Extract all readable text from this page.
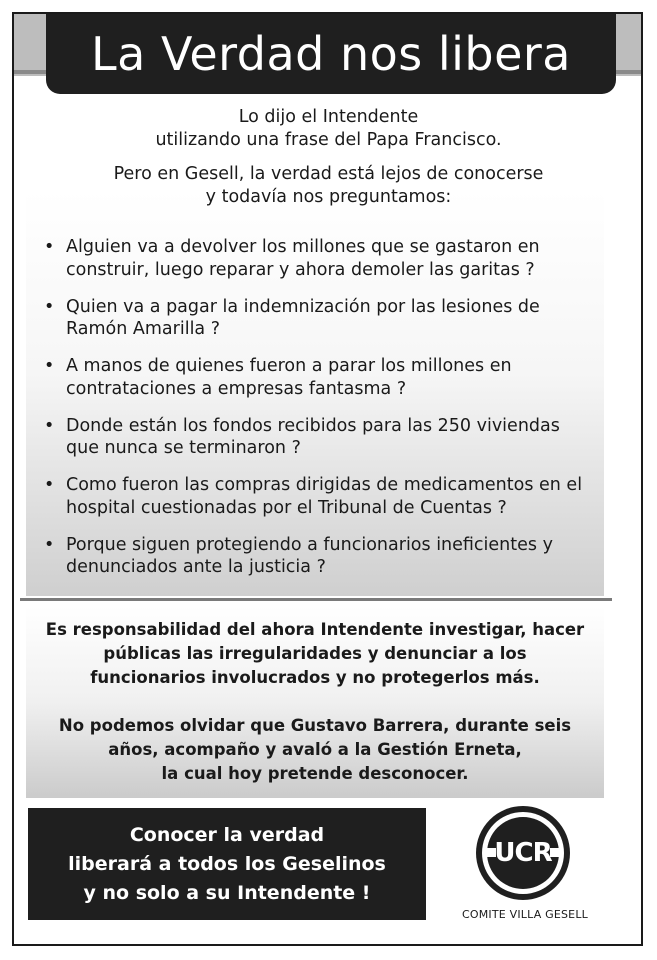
La Verdad nos libera

Lo dijo el Intendente

utilizando una frase del Papa Francisco.

Pero en Gesell, la verdad está lejos de conocerse

y todavía nos preguntamos:

• Alguien va a devolver los millones que se gastaron en construir, luego reparar y ahora demoler las garitas ?
• Quien va a pagar la indemnización por las lesiones de Ramón Amarilla ?
• A manos de quienes fueron a parar los millones en contrataciones a empresas fantasma ?
• Donde están los fondos recibidos para las 250 viviendas que nunca se terminaron ?
• Como fueron las compras dirigidas de medicamentos en el hospital cuestionadas por el Tribunal de Cuentas ?
• Porque siguen protegiendo a funcionarios ineficientes y denunciados ante la justicia ?

Es responsabilidad del ahora Intendente investigar, hacer

públicas las irregularidades y denunciar a los

funcionarios involucrados y no protegerlos más.

No podemos olvidar que Gustavo Barrera, durante seis

años, acompaño y avaló a la Gestión Erneta,

la cual hoy pretende desconocer.

Conocer la verdad

liberará a todos los Geselinos

y no solo a su Intendente !

UCR
COMITE VILLA GESELL
